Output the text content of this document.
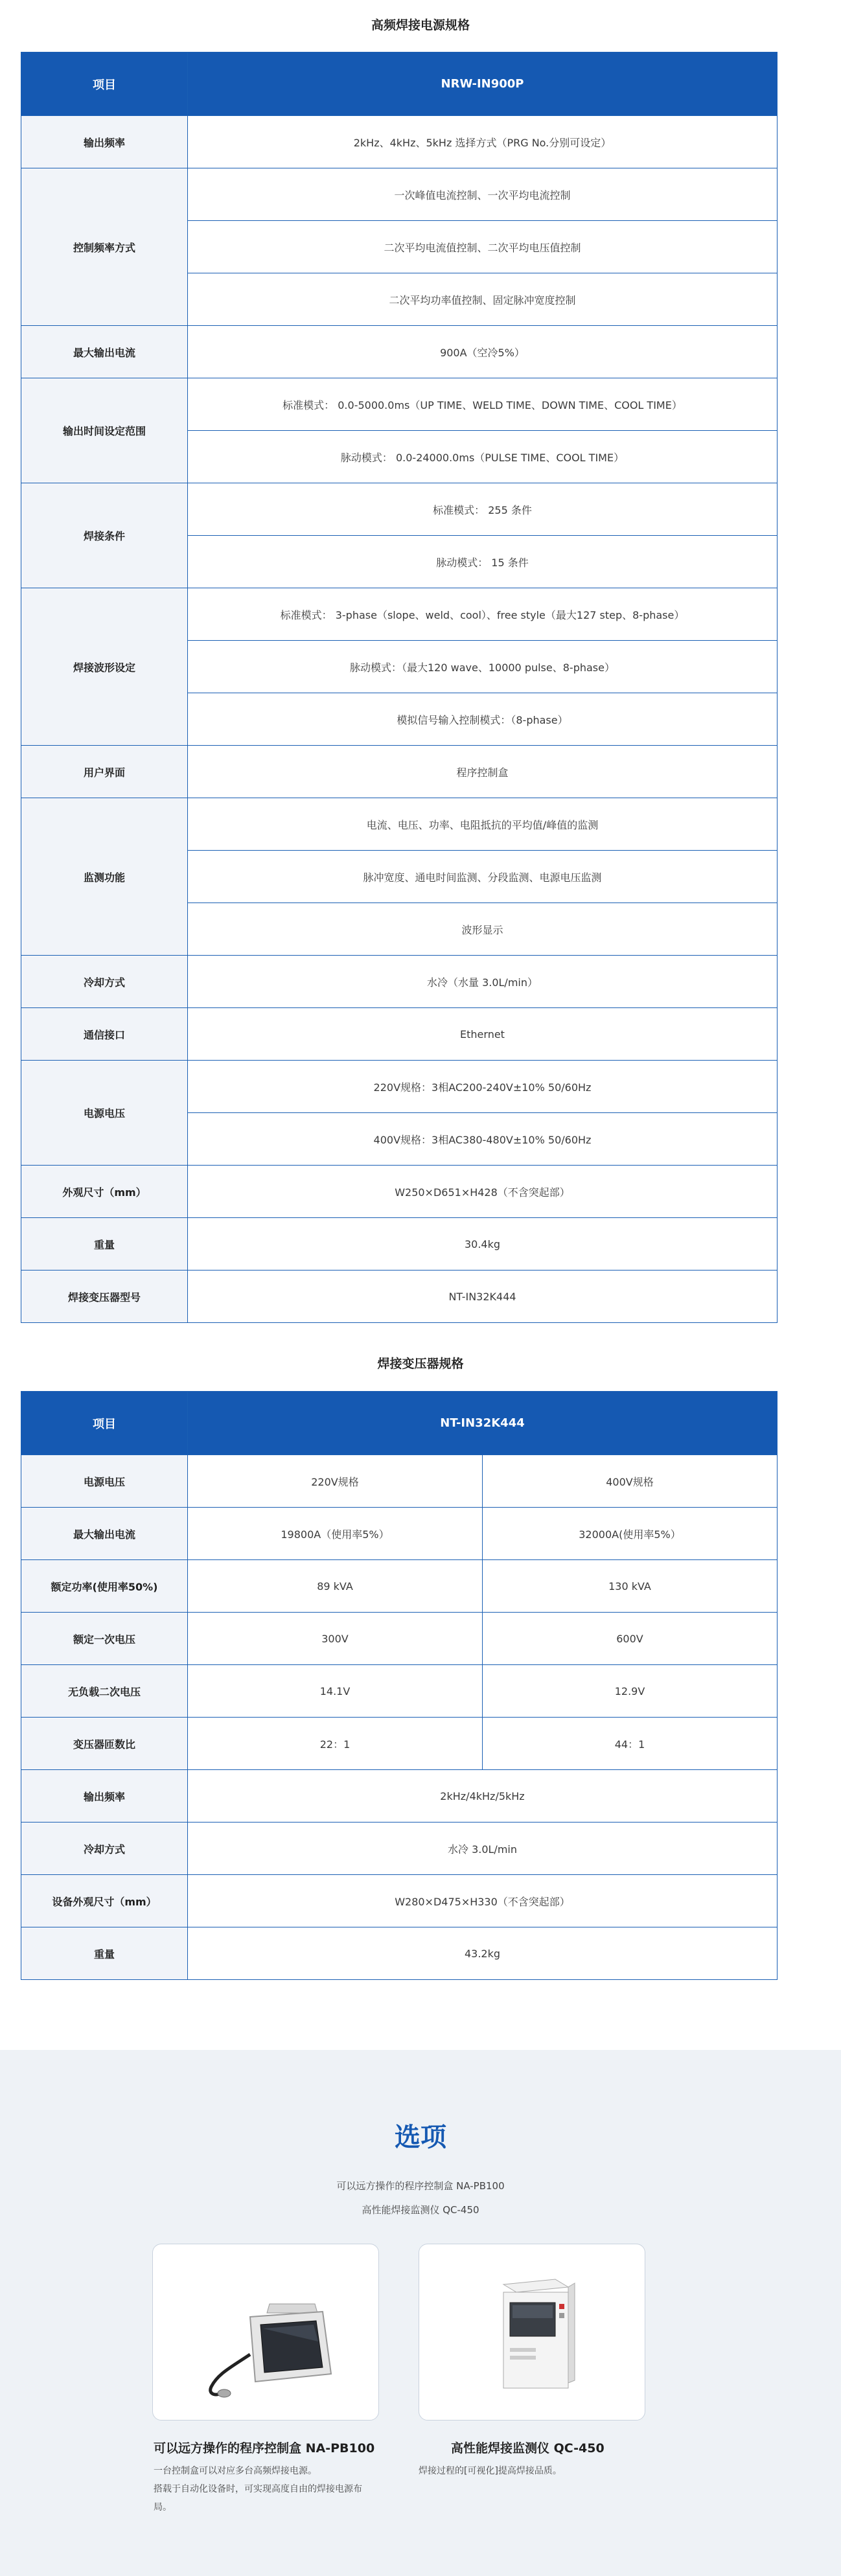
高频焊接电源规格
项目	NRW-IN900P
输出频率	2kHz、4kHz、5kHz 选择方式（PRG No.分别可设定）
控制频率方式	一次峰值电流控制、一次平均电流控制
	二次平均电流值控制、二次平均电压值控制
	二次平均功率值控制、固定脉冲宽度控制
最大输出电流	900A（空冷5%）
输出时间设定范围	标准模式： 0.0-5000.0ms（UP TIME、WELD TIME、DOWN TIME、COOL TIME）
	脉动模式： 0.0-24000.0ms（PULSE TIME、COOL TIME）
焊接条件	标准模式： 255 条件
	脉动模式： 15 条件
焊接波形设定	标准模式： 3-phase（slope、weld、cool）、free style（最大127 step、8-phase）
	脉动模式：（最大120 wave、10000 pulse、8-phase）
	模拟信号输入控制模式：（8-phase）
用户界面	程序控制盒
监测功能	电流、电压、功率、电阻抵抗的平均值/峰值的监测
	脉冲宽度、通电时间监测、分段监测、电源电压监测
	波形显示
冷却方式	水冷（水量 3.0L/min）
通信接口	Ethernet
电源电压	220V规格：3相AC200-240V±10% 50/60Hz
	400V规格：3相AC380-480V±10% 50/60Hz
外观尺寸（mm）	W250×D651×H428（不含突起部）
重量	30.4kg
焊接变压器型号	NT-IN32K444
焊接变压器规格
项目	NT-IN32K444	
电源电压	220V规格	400V规格
最大输出电流	19800A（使用率5%）	32000A(使用率5%）
额定功率(使用率50%)	89 kVA	130 kVA
额定一次电压	300V	600V
无负载二次电压	14.1V	12.9V
变压器匝数比	22：1	44：1
输出频率	2kHz/4kHz/5kHz	
冷却方式	水冷 3.0L/min	
设备外观尺寸（mm）	W280×D475×H330（不含突起部）	
重量	43.2kg	
选项
可以远方操作的程序控制盒 NA-PB100
高性能焊接监测仪 QC-450
可以远方操作的程序控制盒 NA-PB100
一台控制盒可以对应多台高频焊接电源。
搭载于自动化设备时，可实现高度自由的焊接电源布
局。
高性能焊接监测仪 QC-450
焊接过程的[可视化]提高焊接品质。
